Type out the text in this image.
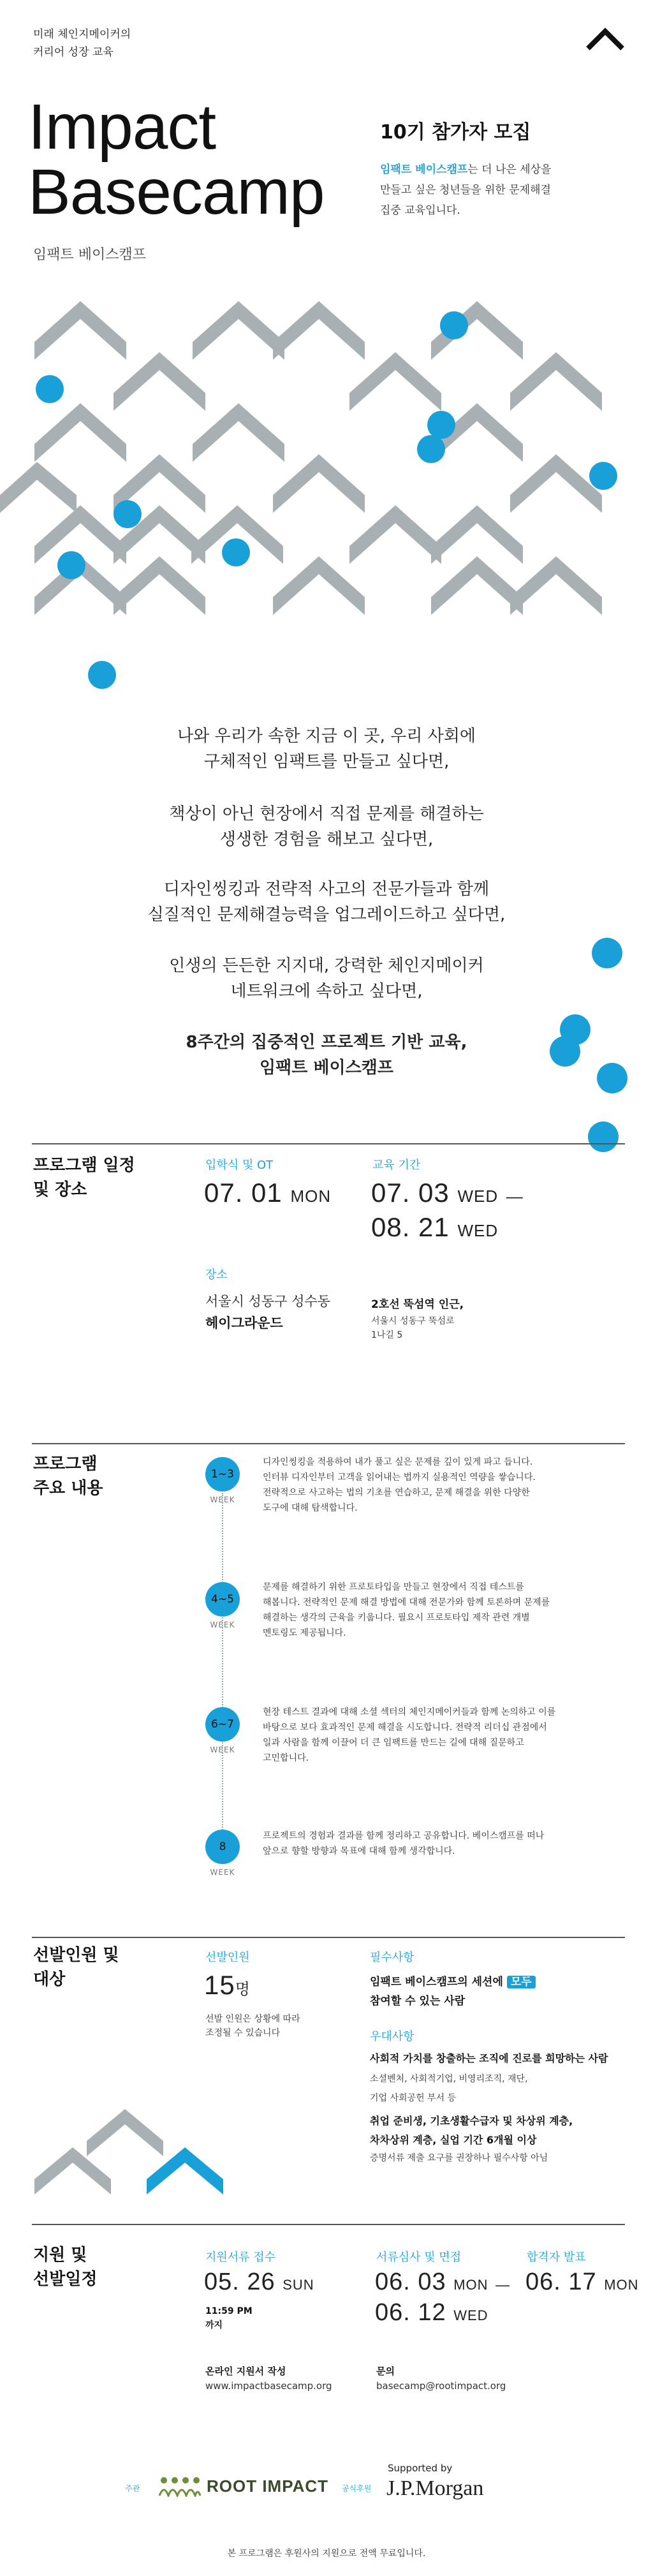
미래 체인지메이커의
커리어 성장 교육
Impact
Basecamp
임팩트 베이스캠프
10기 참가자 모집
임팩트 베이스캠프는 더 나은 세상을
만들고 싶은 청년들을 위한 문제해결
집중 교육입니다.
나와 우리가 속한 지금 이 곳, 우리 사회에
구체적인 임팩트를 만들고 싶다면,
책상이 아닌 현장에서 직접 문제를 해결하는
생생한 경험을 해보고 싶다면,
디자인씽킹과 전략적 사고의 전문가들과 함께
실질적인 문제해결능력을 업그레이드하고 싶다면,
인생의 든든한 지지대, 강력한 체인지메이커
네트워크에 속하고 싶다면,
8주간의 집중적인 프로젝트 기반 교육,
임팩트 베이스캠프
프로그램 일정
및 장소
입학식 및 OT
07. 01 MON
교육 기간
07. 03 WED —
08. 21 WED
장소
서울시 성동구 성수동
헤이그라운드
2호선 뚝섬역 인근,
서울시 성동구 뚝섬로
1나길 5
프로그램
주요 내용
1~3
WEEK
디자인씽킹을 적용하여 내가 풀고 싶은 문제를 깊이 있게 파고 듭니다.
인터뷰 디자인부터 고객을 읽어내는 법까지 실용적인 역량을 쌓습니다.
전략적으로 사고하는 법의 기초를 연습하고, 문제 해결을 위한 다양한
도구에 대해 탐색합니다.
4~5
WEEK
문제를 해결하기 위한 프로토타입을 만들고 현장에서 직접 테스트를
해봅니다. 전략적인 문제 해결 방법에 대해 전문가와 함께 토론하며 문제를
해결하는 생각의 근육을 키웁니다. 필요시 프로토타입 제작 관련 개별
멘토링도 제공됩니다.
6~7
WEEK
현장 테스트 결과에 대해 소셜 섹터의 체인지메이커들과 함께 논의하고 이를
바탕으로 보다 효과적인 문제 해결을 시도합니다. 전략적 리더십 관점에서
일과 사람을 함께 이끌어 더 큰 임팩트를 만드는 길에 대해 질문하고
고민합니다.
8
WEEK
프로젝트의 경험과 결과를 함께 정리하고 공유합니다. 베이스캠프를 떠나
앞으로 향할 방향과 목표에 대해 함께 생각합니다.
선발인원 및
대상
선발인원
15명
선발 인원은 상황에 따라
조정될 수 있습니다
필수사항
임팩트 베이스캠프의 세션에 모두
참여할 수 있는 사람
우대사항
사회적 가치를 창출하는 조직에 진로를 희망하는 사람
소셜벤처, 사회적기업, 비영리조직, 재단,
기업 사회공헌 부서 등
취업 준비생, 기초생활수급자 및 차상위 계층,
차차상위 계층, 실업 기간 6개월 이상
증명서류 제출 요구를 권장하나 필수사항 아님
지원 및
선발일정
지원서류 접수
05. 26 SUN
11:59 PM
까지
서류심사 및 면접
06. 03 MON —
06. 12 WED
합격자 발표
06. 17 MON
온라인 지원서 작성
www.impactbasecamp.org
문의
basecamp@rootimpact.org
주관	ROOT IMPACT 공식후원
Supported by
J.P.Morgan
본 프로그램은 후원사의 지원으로 전액 무료입니다.
